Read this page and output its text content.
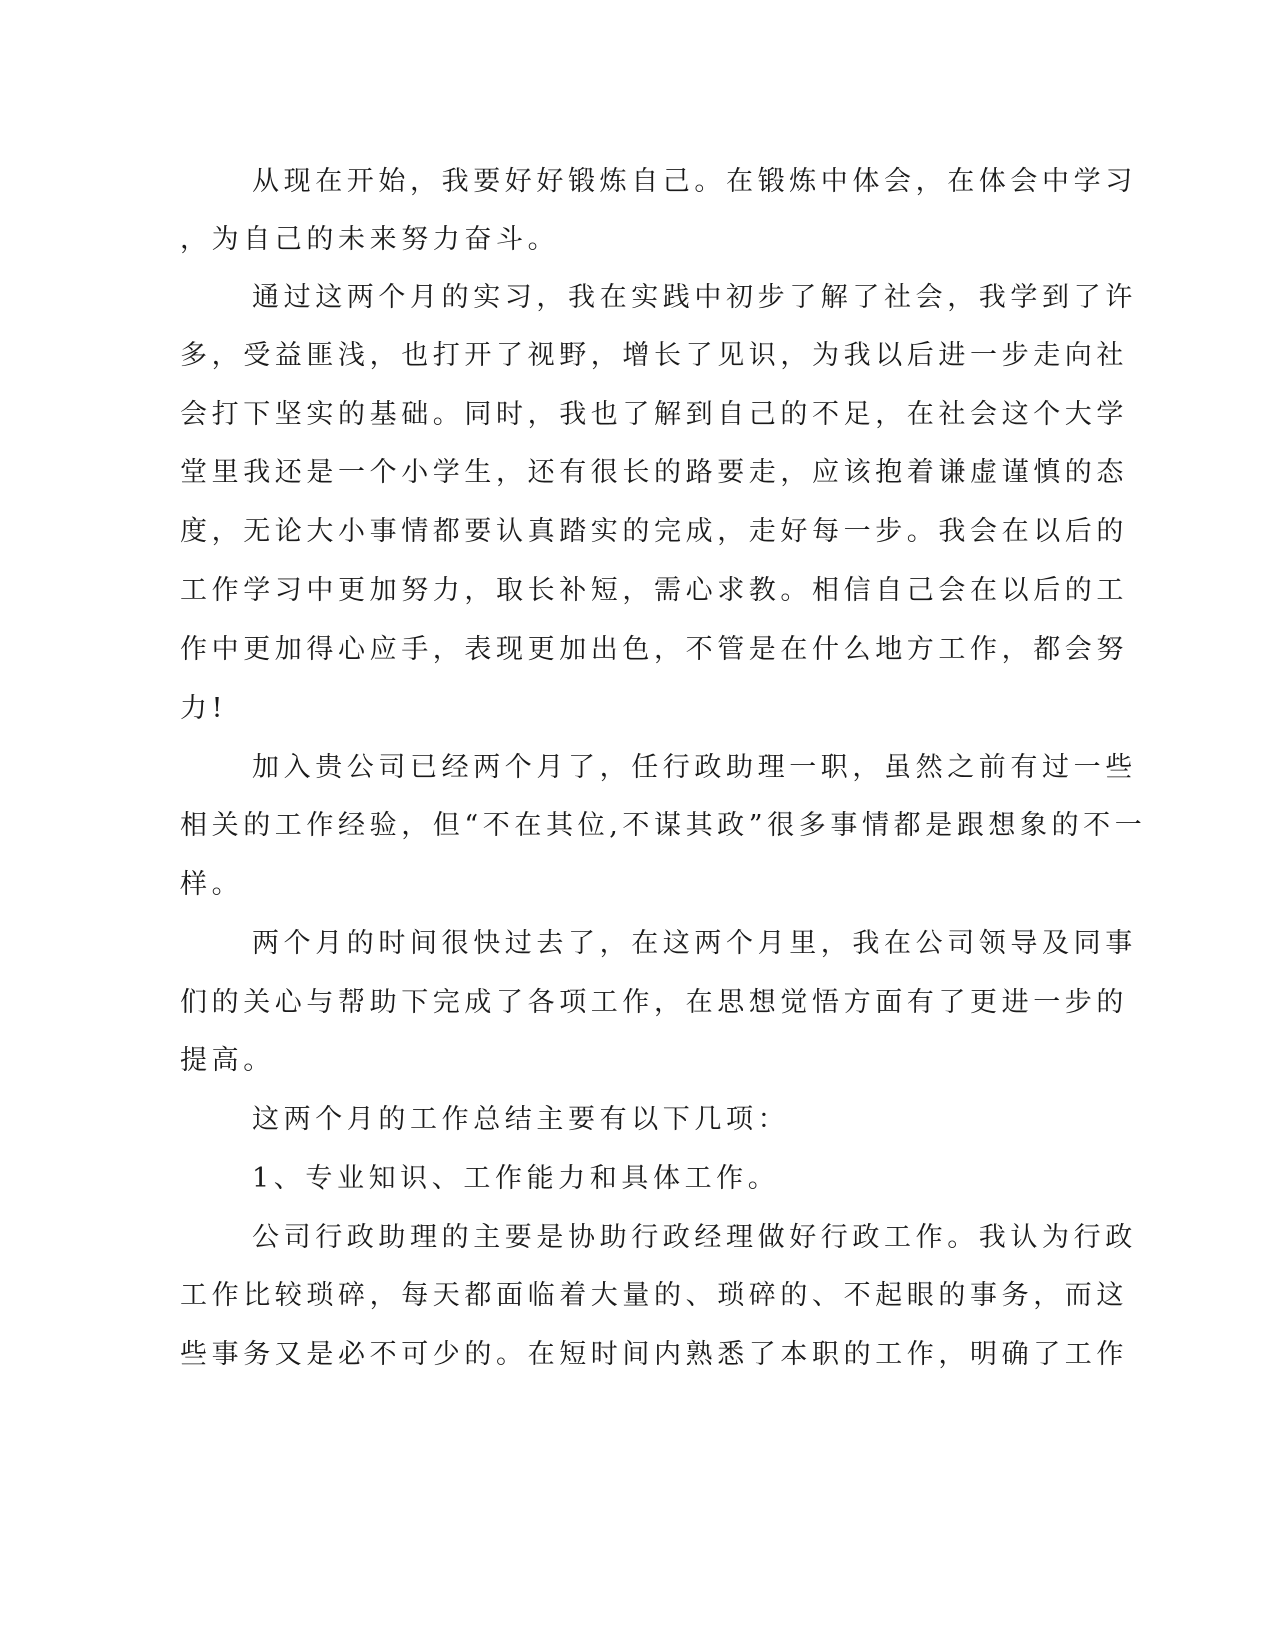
从现在开始，我要好好锻炼自己。在锻炼中体会，在体会中学习
，为自己的未来努力奋斗。
通过这两个月的实习，我在实践中初步了解了社会，我学到了许
多，受益匪浅，也打开了视野，增长了见识，为我以后进一步走向社
会打下坚实的基础。同时，我也了解到自己的不足，在社会这个大学
堂里我还是一个小学生，还有很长的路要走，应该抱着谦虚谨慎的态
度，无论大小事情都要认真踏实的完成，走好每一步。我会在以后的
工作学习中更加努力，取长补短，需心求教。相信自己会在以后的工
作中更加得心应手，表现更加出色，不管是在什么地方工作，都会努
力!
加入贵公司已经两个月了，任行政助理一职，虽然之前有过一些
相关的工作经验，但“不在其位,不谋其政”很多事情都是跟想象的不一
样。
两个月的时间很快过去了，在这两个月里，我在公司领导及同事
们的关心与帮助下完成了各项工作，在思想觉悟方面有了更进一步的
提高。
这两个月的工作总结主要有以下几项：
1、专业知识、工作能力和具体工作。
公司行政助理的主要是协助行政经理做好行政工作。我认为行政
工作比较琐碎，每天都面临着大量的、琐碎的、不起眼的事务，而这
些事务又是必不可少的。在短时间内熟悉了本职的工作，明确了工作
